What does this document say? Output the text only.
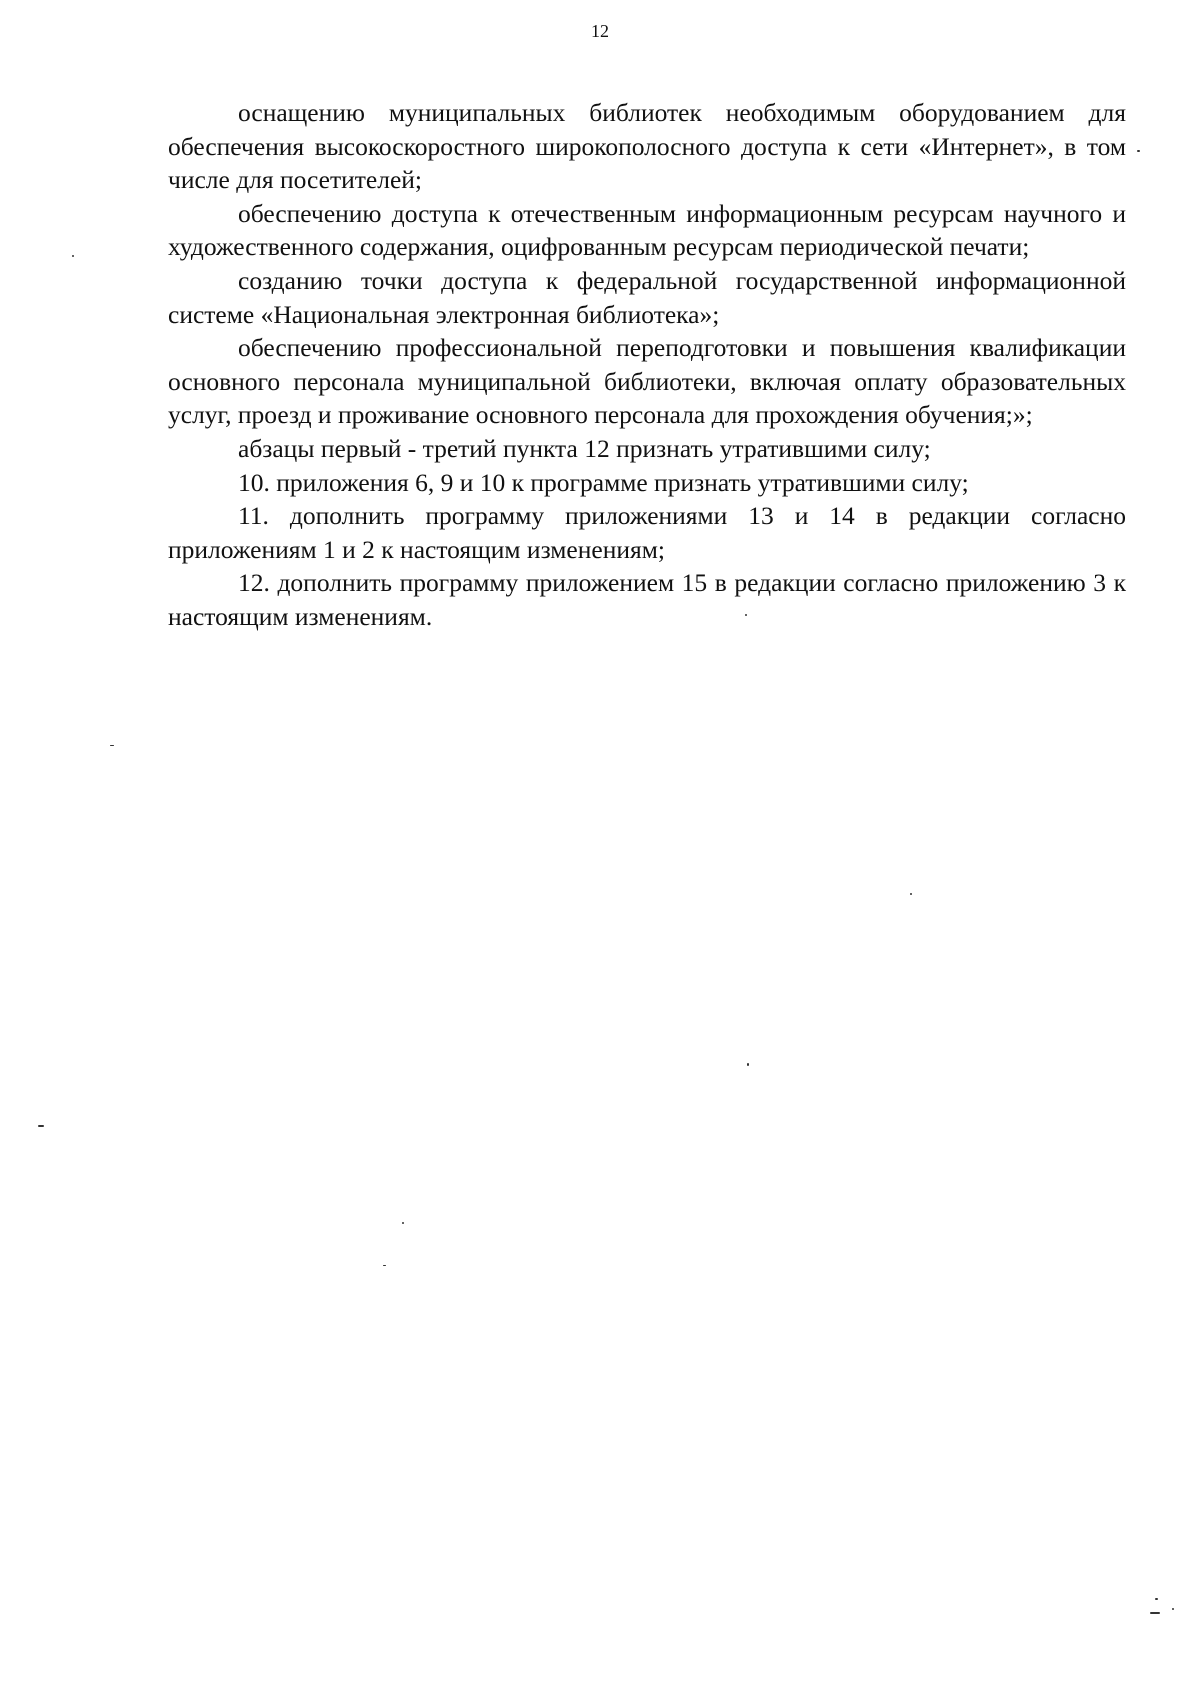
12

оснащению муниципальных библиотек необходимым оборудованием для обеспечения высокоскоростного широкополосного доступа к сети «Интернет», в том числе для посетителей;

обеспечению доступа к отечественным информационным ресурсам научного и художественного содержания, оцифрованным ресурсам периодической печати;

созданию точки доступа к федеральной государственной информационной системе «Национальная электронная библиотека»;

обеспечению профессиональной переподготовки и повышения квалификации основного персонала муниципальной библиотеки, включая оплату образовательных услуг, проезд и проживание основного персонала для прохождения обучения;»;

абзацы первый - третий пункта 12 признать утратившими силу;

10. приложения 6, 9 и 10 к программе признать утратившими силу;

11. дополнить программу приложениями 13 и 14 в редакции согласно приложениям 1 и 2 к настоящим изменениям;

12. дополнить программу приложением 15 в редакции согласно приложению 3 к настоящим изменениям.
